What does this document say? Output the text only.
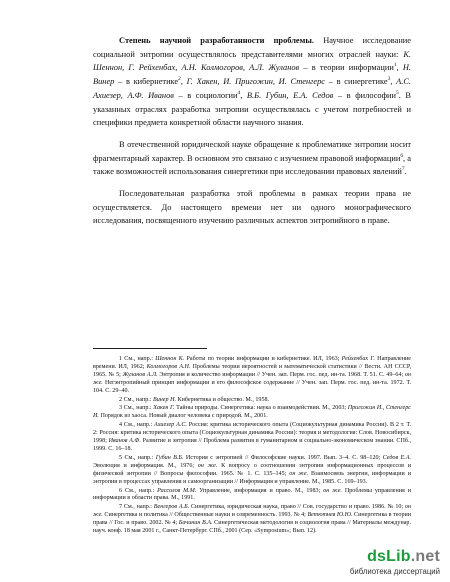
Степень научной разработанности проблемы. Научное исследование социальной энтропии осуществлялось представителями многих отраслей науки: К. Шеннон, Г. Рейхенбах, А.Н. Колмогоров, А.Л. Жуланов – в теории информации$^1$, Н. Винер – в кибернетике$^2$, Г. Хакен, И. Пригожин, И. Стенгерс – в синергетике$^3$, А.С. Ахиезер, А.Ф. Иванов – в социологии$^4$, В.Б. Губин, Е.А. Седов – в философии$^5$. В указанных отраслях разработка энтропии осуществлялась с учетом потребностей и специфики предмета конкретной области научного знания.

В отечественной юридической науке обращение к проблематике энтропии носит фрагментарный характер. В основном это связано с изучением правовой информации$^6$, а также возможностей использования синергетики при исследовании правовых явлений$^7$.

Последовательная разработка этой проблемы в рамках теории права не осуществляется. До настоящего времени нет ни одного монографического исследования, посвященного изучению различных аспектов энтропийного в праве.

1 См., напр.: Шеннон К. Работы по теории информации и кибернетике. ИЛ, 1963; Рейхенбах Г. Направление времени. ИЛ, 1962; Колмогоров А.Н. Проблемы теории вероятностей и математической статистики // Вести. АН СССР, 1965. № 5; Жуланов А.Л. Энтропия и количество информации // Учен. зап. Перм. гос. пед. ин-та. 1968. Т. 51. С. 49–64; он же. Негэнтропийный принцип информации и его философское содержание // Учен. зап. Перм. гос. пед. ин-та. 1972. Т. 104. С. 29–40.

2 См., напр.: Винер Н. Кибернетика и общество. М., 1958.

3 См., напр.: Хакен Г. Тайны природы. Синергетика: наука о взаимодействии. М., 2003; Пригожин И., Стенгерс И. Порядок из хаоса. Новый диалог человека с природой. М., 2001.

4 См., напр.: Ахиезер А.С. Россия: критика исторического опыта (Социокультурная динамика России). В 2 т. Т. 2: Россия: критика исторического опыта (Социокультурная динамика России): теория и методология: Слов. Новосибирск, 1998; Иванов А.Ф. Развитие и энтропия // Проблема развития в гуманитарном и социально-экономическом знании. СПб., 1999. С. 16–18.

5 См., напр.: Губин В.Б. История с энтропией // Философские науки. 1997. Вып. 3–4. С. 98–120; Седов Е.А. Эволюция и информация. М., 1976; он же. К вопросу о соотношении энтропии информационных процессов и физической энтропии // Вопросы философии. 1965. № 1. С. 135–145; он же. Взаимосвязь энергии, информации и энтропии в процессах управления и самоорганизации // Информация и управление. М., 1985. С. 169–193.

6 См., напр.: Рассолов М.М. Управление, информация и право. М., 1983; он же. Проблемы управления и информации в области права. М., 1991.

7 См., напр.: Венгеров А.Б. Синергетика, юридическая наука, право // Сов. государство и право. 1986. № 10; он же. Синергетика и политика // Общественные науки и современность. 1993. № 4; Ветютнев Ю.Ю. Синергетика в теории права // Гос. и право. 2002. № 4; Бачинин В.А. Синергетическая методология и социология права // Материалы междунар. науч. конф. 18 мая 2001 г., Санкт-Петербург. СПб., 2001 (Сер. «Symposium»; Вып. 12).

dsLib.net
библиотека диссертаций
